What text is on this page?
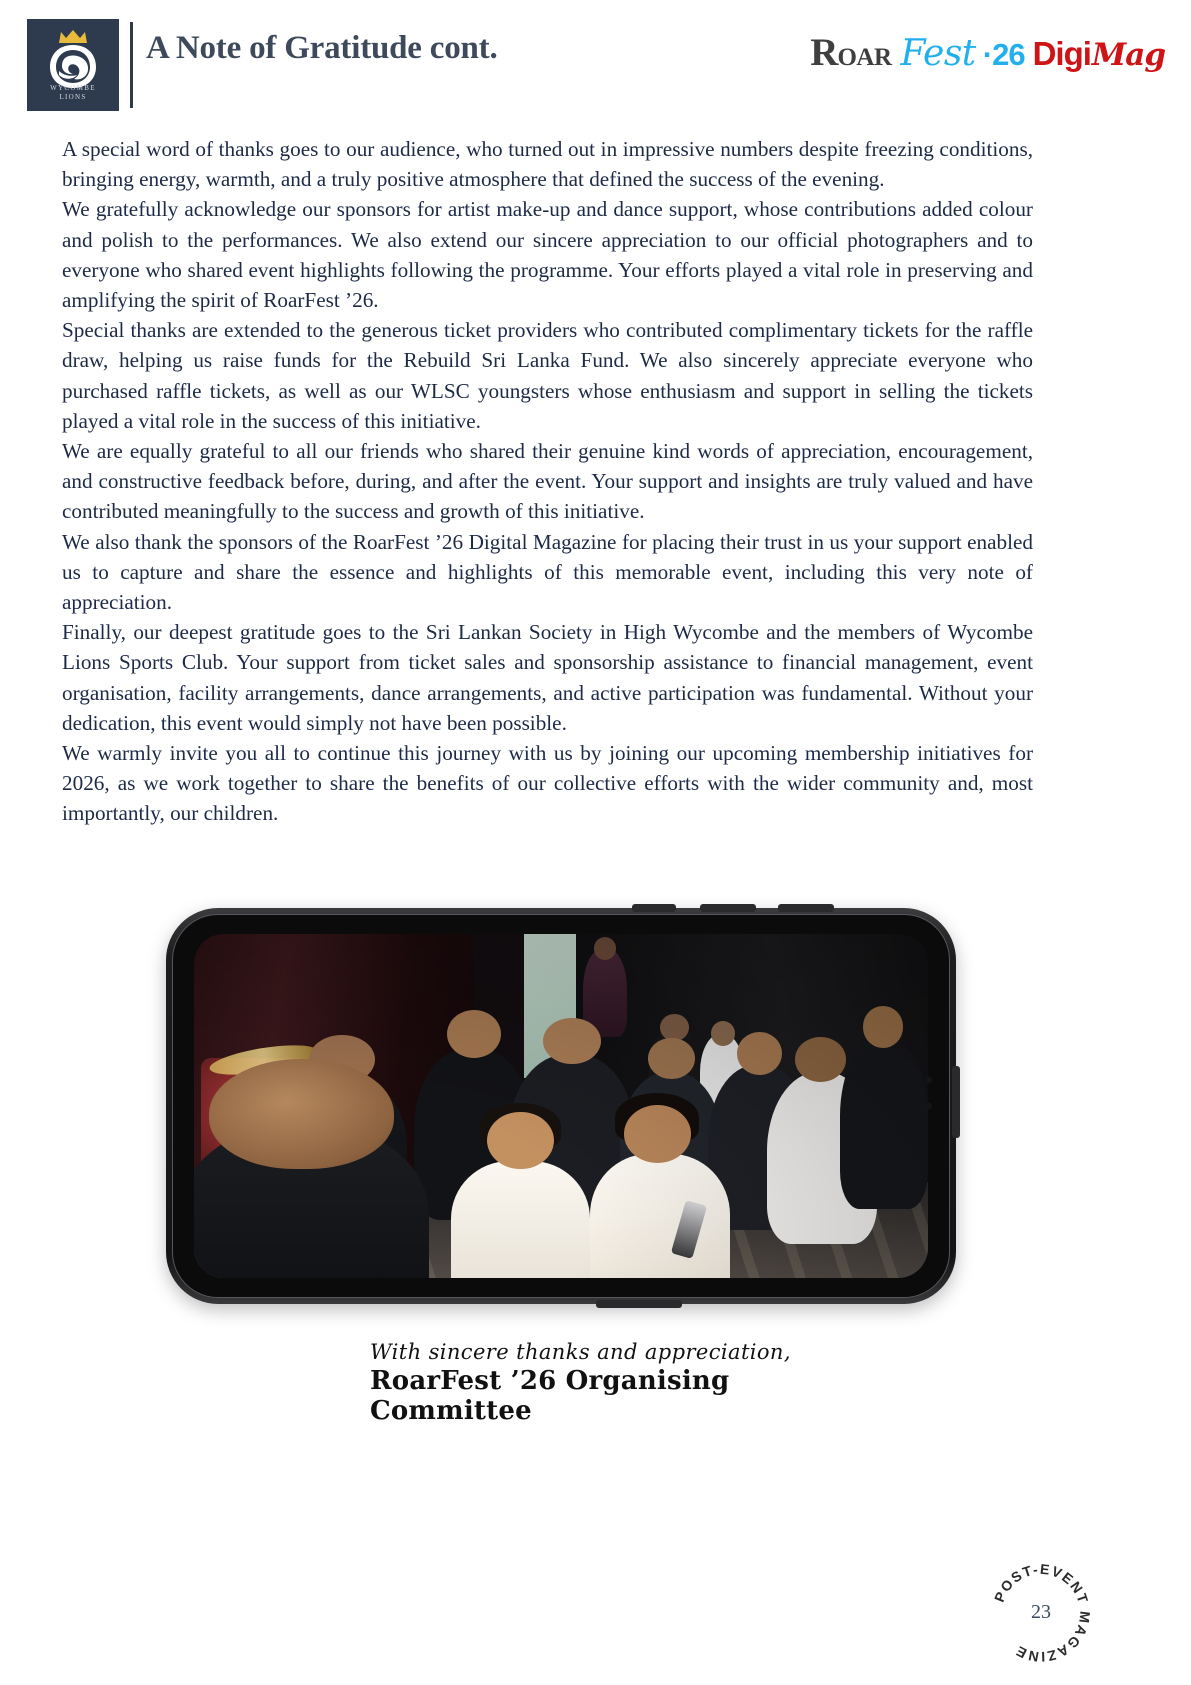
WYCOMBE
LIONS
A Note of Gratitude cont.	ROAR Fest ·26 Digi Mag

A special word of thanks goes to our audience, who turned out in impressive numbers despite freezing conditions, bringing energy, warmth, and a truly positive atmosphere that defined the success of the evening.

We gratefully acknowledge our sponsors for artist make-up and dance support, whose contributions added colour and polish to the performances. We also extend our sincere appreciation to our official photographers and to everyone who shared event highlights following the programme. Your efforts played a vital role in preserving and amplifying the spirit of RoarFest ’26.

Special thanks are extended to the generous ticket providers who contributed complimentary tickets for the raffle draw, helping us raise funds for the Rebuild Sri Lanka Fund. We also sincerely appreciate everyone who purchased raffle tickets, as well as our WLSC youngsters whose enthusiasm and support in selling the tickets played a vital role in the success of this initiative.

We are equally grateful to all our friends who shared their genuine kind words of appreciation, encouragement, and constructive feedback before, during, and after the event. Your support and insights are truly valued and have contributed meaningfully to the success and growth of this initiative.

We also thank the sponsors of the RoarFest ’26 Digital Magazine for placing their trust in us your support enabled us to capture and share the essence and highlights of this memorable event, including this very note of appreciation.

Finally, our deepest gratitude goes to the Sri Lankan Society in High Wycombe and the members of Wycombe Lions Sports Club. Your support from ticket sales and sponsorship assistance to financial management, event organisation, facility arrangements, dance arrangements, and active participation was fundamental. Without your dedication, this event would simply not have been possible.

We warmly invite you all to continue this journey with us by joining our upcoming membership initiatives for 2026, as we work together to share the benefits of our collective efforts with the wider community and, most importantly, our children.

With sincere thanks and appreciation,
RoarFest ’26 Organising Committee
POST-EVENT MAGAZINE
23
